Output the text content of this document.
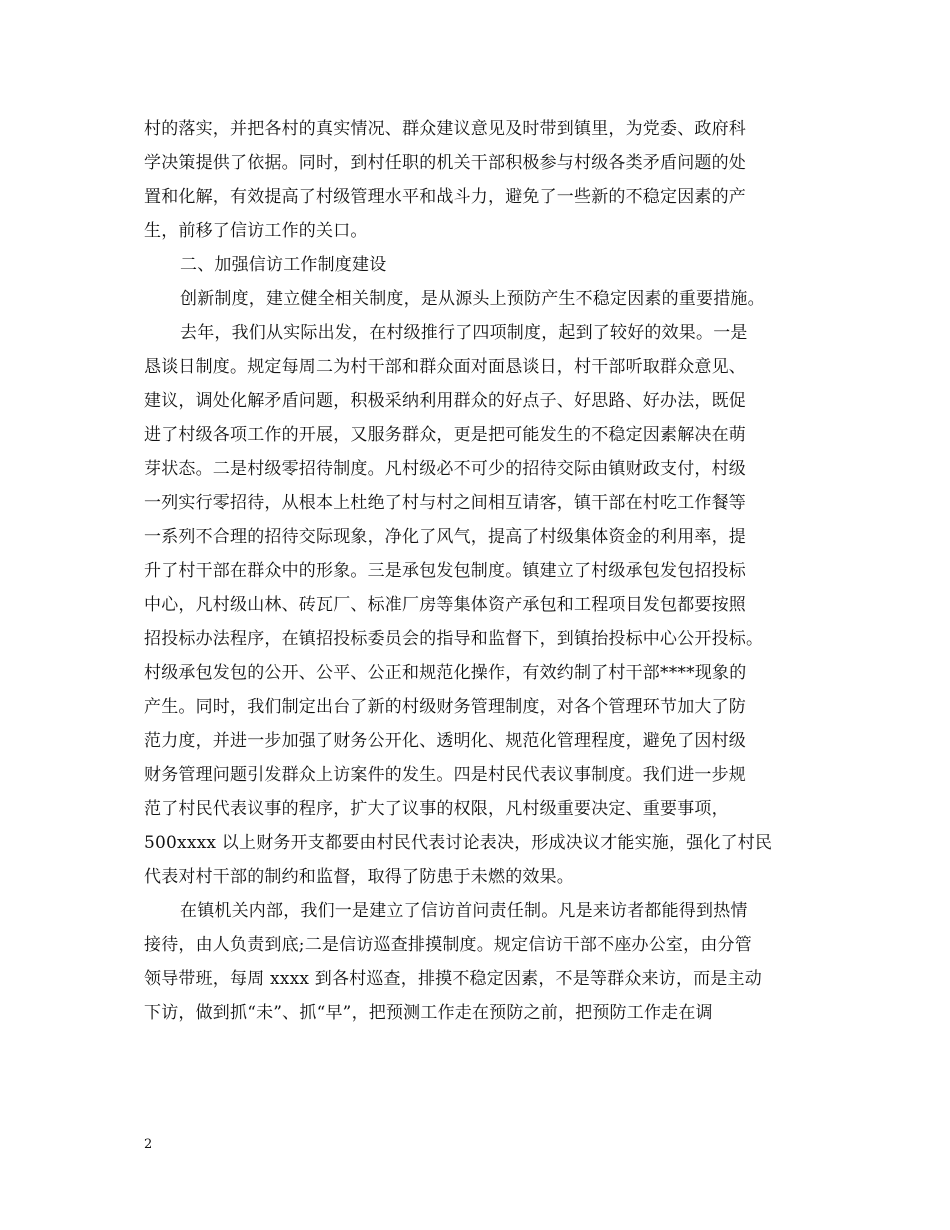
村的落实，并把各村的真实情况、群众建议意见及时带到镇里，为党委、政府科
学决策提供了依据。同时，到村任职的机关干部积极参与村级各类矛盾问题的处
置和化解，有效提高了村级管理水平和战斗力，避免了一些新的不稳定因素的产
生，前移了信访工作的关口。
二、加强信访工作制度建设
创新制度，建立健全相关制度，是从源头上预防产生不稳定因素的重要措施。
去年，我们从实际出发，在村级推行了四项制度，起到了较好的效果。一是
恳谈日制度。规定每周二为村干部和群众面对面恳谈日，村干部听取群众意见、
建议，调处化解矛盾问题，积极采纳利用群众的好点子、好思路、好办法，既促
进了村级各项工作的开展，又服务群众，更是把可能发生的不稳定因素解决在萌
芽状态。二是村级零招待制度。凡村级必不可少的招待交际由镇财政支付，村级
一列实行零招待，从根本上杜绝了村与村之间相互请客，镇干部在村吃工作餐等
一系列不合理的招待交际现象，净化了风气，提高了村级集体资金的利用率，提
升了村干部在群众中的形象。三是承包发包制度。镇建立了村级承包发包招投标
中心，凡村级山林、砖瓦厂、标准厂房等集体资产承包和工程项目发包都要按照
招投标办法程序，在镇招投标委员会的指导和监督下，到镇抬投标中心公开投标。
村级承包发包的公开、公平、公正和规范化操作，有效约制了村干部****现象的
产生。同时，我们制定出台了新的村级财务管理制度，对各个管理环节加大了防
范力度，并进一步加强了财务公开化、透明化、规范化管理程度，避免了因村级
财务管理问题引发群众上访案件的发生。四是村民代表议事制度。我们进一步规
范了村民代表议事的程序，扩大了议事的权限，凡村级重要决定、重要事项，
500xxxx 以上财务开支都要由村民代表讨论表决，形成决议才能实施，强化了村民
代表对村干部的制约和监督，取得了防患于未燃的效果。
在镇机关内部，我们一是建立了信访首问责任制。凡是来访者都能得到热情
接待，由人负责到底;二是信访巡查排摸制度。规定信访干部不座办公室，由分管
领导带班，每周 xxxx 到各村巡查，排摸不稳定因素，不是等群众来访，而是主动
下访，做到抓“未”、抓“早”，把预测工作走在预防之前，把预防工作走在调
2
